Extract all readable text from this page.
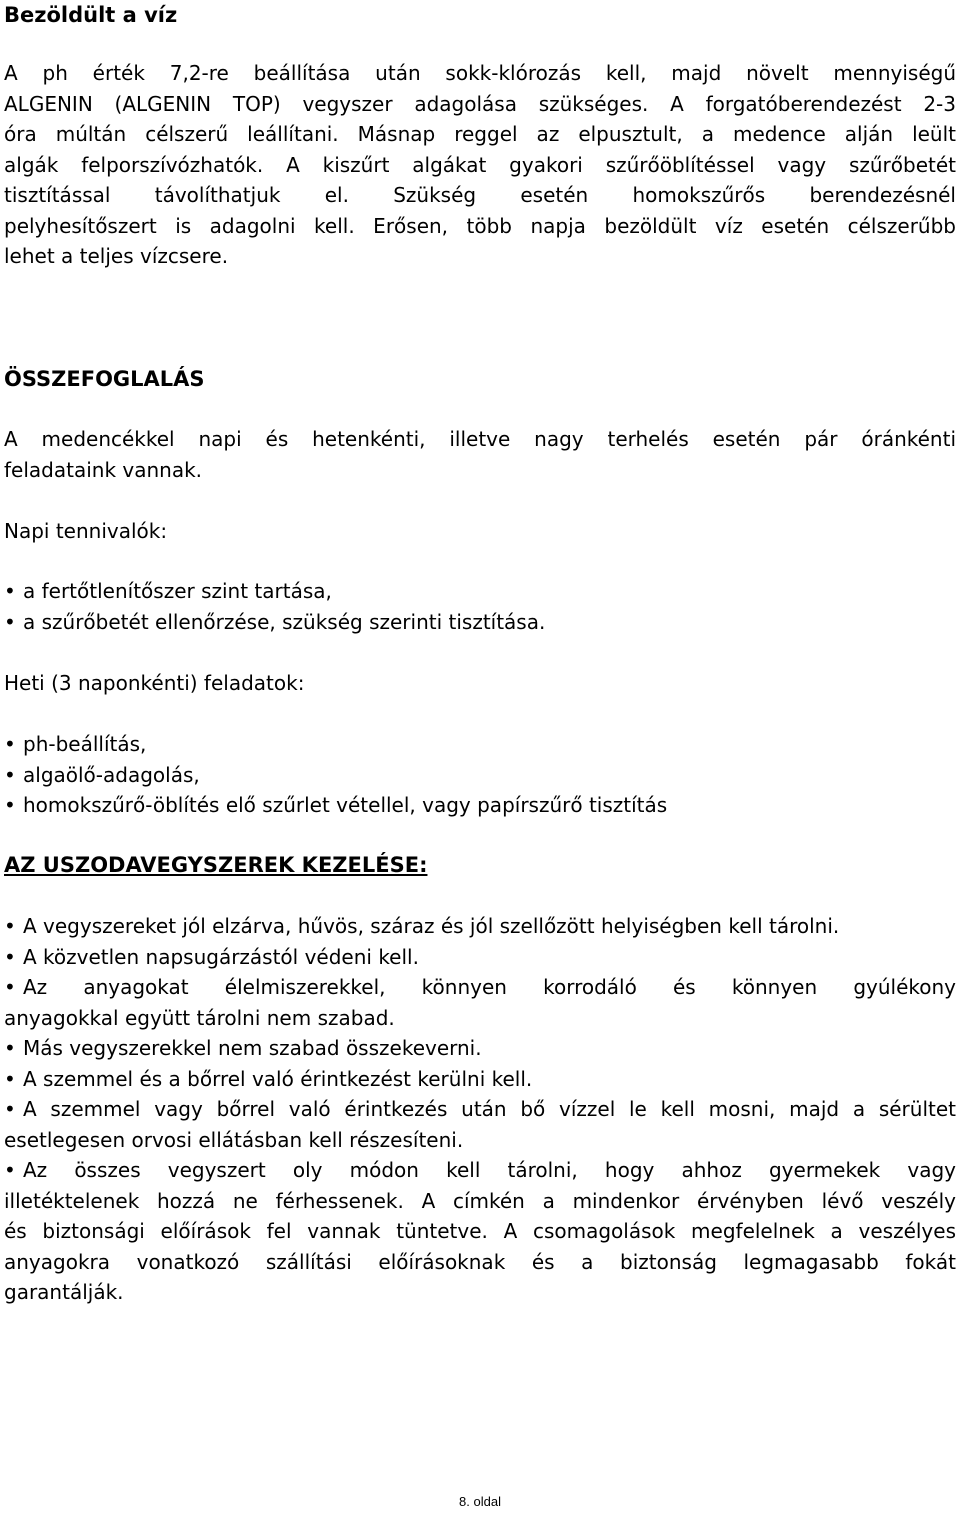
Bezöldült a víz

A ph érték 7,2-re beállítása után sokk-klórozás kell, majd növelt mennyiségű
ALGENIN (ALGENIN TOP) vegyszer adagolása szükséges. A forgatóberendezést 2-3
óra múltán célszerű leállítani. Másnap reggel az elpusztult, a medence alján leült
algák felporszívózhatók. A kiszűrt algákat gyakori szűrőöblítéssel vagy szűrőbetét
tisztítással távolíthatjuk el. Szükség esetén homokszűrős berendezésnél
pelyhesítőszert is adagolni kell. Erősen, több napja bezöldült víz esetén célszerűbb
lehet a teljes vízcsere.

ÖSSZEFOGLALÁS

A medencékkel napi és hetenkénti, illetve nagy terhelés esetén pár óránkénti
feladataink vannak.

Napi tennivalók:

• a fertőtlenítőszer szint tartása,
• a szűrőbetét ellenőrzése, szükség szerinti tisztítása.

Heti (3 naponkénti) feladatok:

• ph-beállítás,
• algaölő-adagolás,
• homokszűrő-öblítés elő szűrlet vétellel, vagy papírszűrő tisztítás
AZ USZODAVEGYSZEREK KEZELÉSE:
• A vegyszereket jól elzárva, hűvös, száraz és jól szellőzött helyiségben kell tárolni.
• A közvetlen napsugárzástól védeni kell.
• Az anyagokat élelmiszerekkel, könnyen korrodáló és könnyen gyúlékony
anyagokkal együtt tárolni nem szabad.
• Más vegyszerekkel nem szabad összekeverni.
• A szemmel és a bőrrel való érintkezést kerülni kell.
• A szemmel vagy bőrrel való érintkezés után bő vízzel le kell mosni, majd a sérültet
esetlegesen orvosi ellátásban kell részesíteni.
• Az összes vegyszert oly módon kell tárolni, hogy ahhoz gyermekek vagy
illetéktelenek hozzá ne férhessenek. A címkén a mindenkor érvényben lévő veszély
és biztonsági előírások fel vannak tüntetve. A csomagolások megfelelnek a veszélyes
anyagokra vonatkozó szállítási előírásoknak és a biztonság legmagasabb fokát
garantálják.
8. oldal
